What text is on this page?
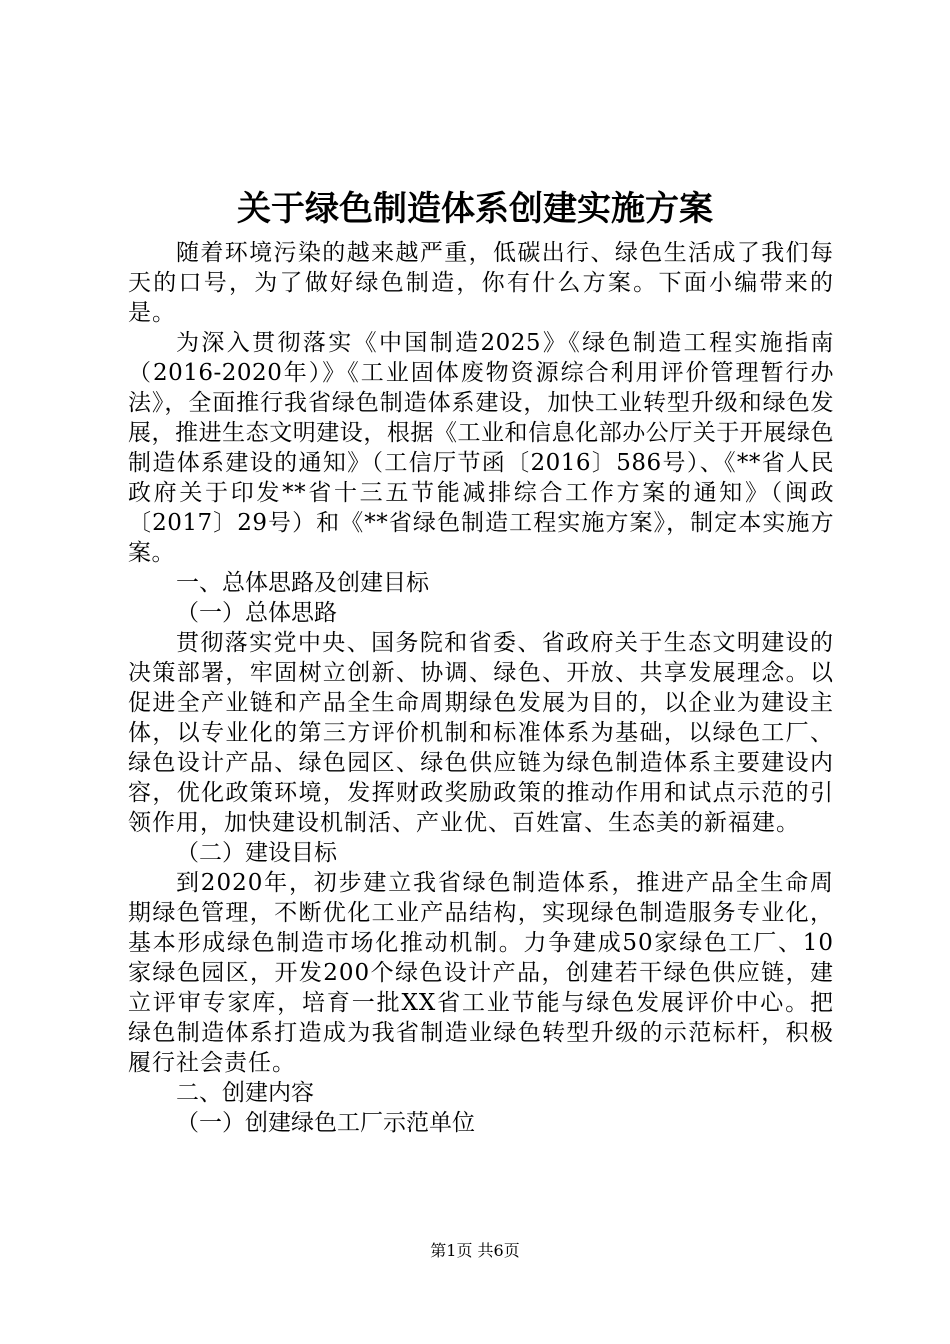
关于绿色制造体系创建实施方案

随着环境污染的越来越严重，低碳出行、绿色生活成了我们每天的口号，为了做好绿色制造，你有什么方案。下面小编带来的是。

为深入贯彻落实《中国制造2025》《绿色制造工程实施指南（2016-2020年）》《工业固体废物资源综合利用评价管理暂行办法》，全面推行我省绿色制造体系建设，加快工业转型升级和绿色发展，推进生态文明建设，根据《工业和信息化部办公厅关于开展绿色制造体系建设的通知》（工信厅节函〔2016〕586号）、《**省人民政府关于印发**省十三五节能减排综合工作方案的通知》（闽政〔2017〕29号）和《**省绿色制造工程实施方案》，制定本实施方案。

一、总体思路及创建目标

（一）总体思路

贯彻落实党中央、国务院和省委、省政府关于生态文明建设的决策部署，牢固树立创新、协调、绿色、开放、共享发展理念。以促进全产业链和产品全生命周期绿色发展为目的，以企业为建设主体，以专业化的第三方评价机制和标准体系为基础，以绿色工厂、绿色设计产品、绿色园区、绿色供应链为绿色制造体系主要建设内容，优化政策环境，发挥财政奖励政策的推动作用和试点示范的引领作用，加快建设机制活、产业优、百姓富、生态美的新福建。

（二）建设目标

到2020年，初步建立我省绿色制造体系，推进产品全生命周期绿色管理，不断优化工业产品结构，实现绿色制造服务专业化，基本形成绿色制造市场化推动机制。力争建成50家绿色工厂、10家绿色园区，开发200个绿色设计产品，创建若干绿色供应链，建立评审专家库，培育一批XX省工业节能与绿色发展评价中心。把绿色制造体系打造成为我省制造业绿色转型升级的示范标杆，积极履行社会责任。

二、创建内容

（一）创建绿色工厂示范单位

第1页 共6页
